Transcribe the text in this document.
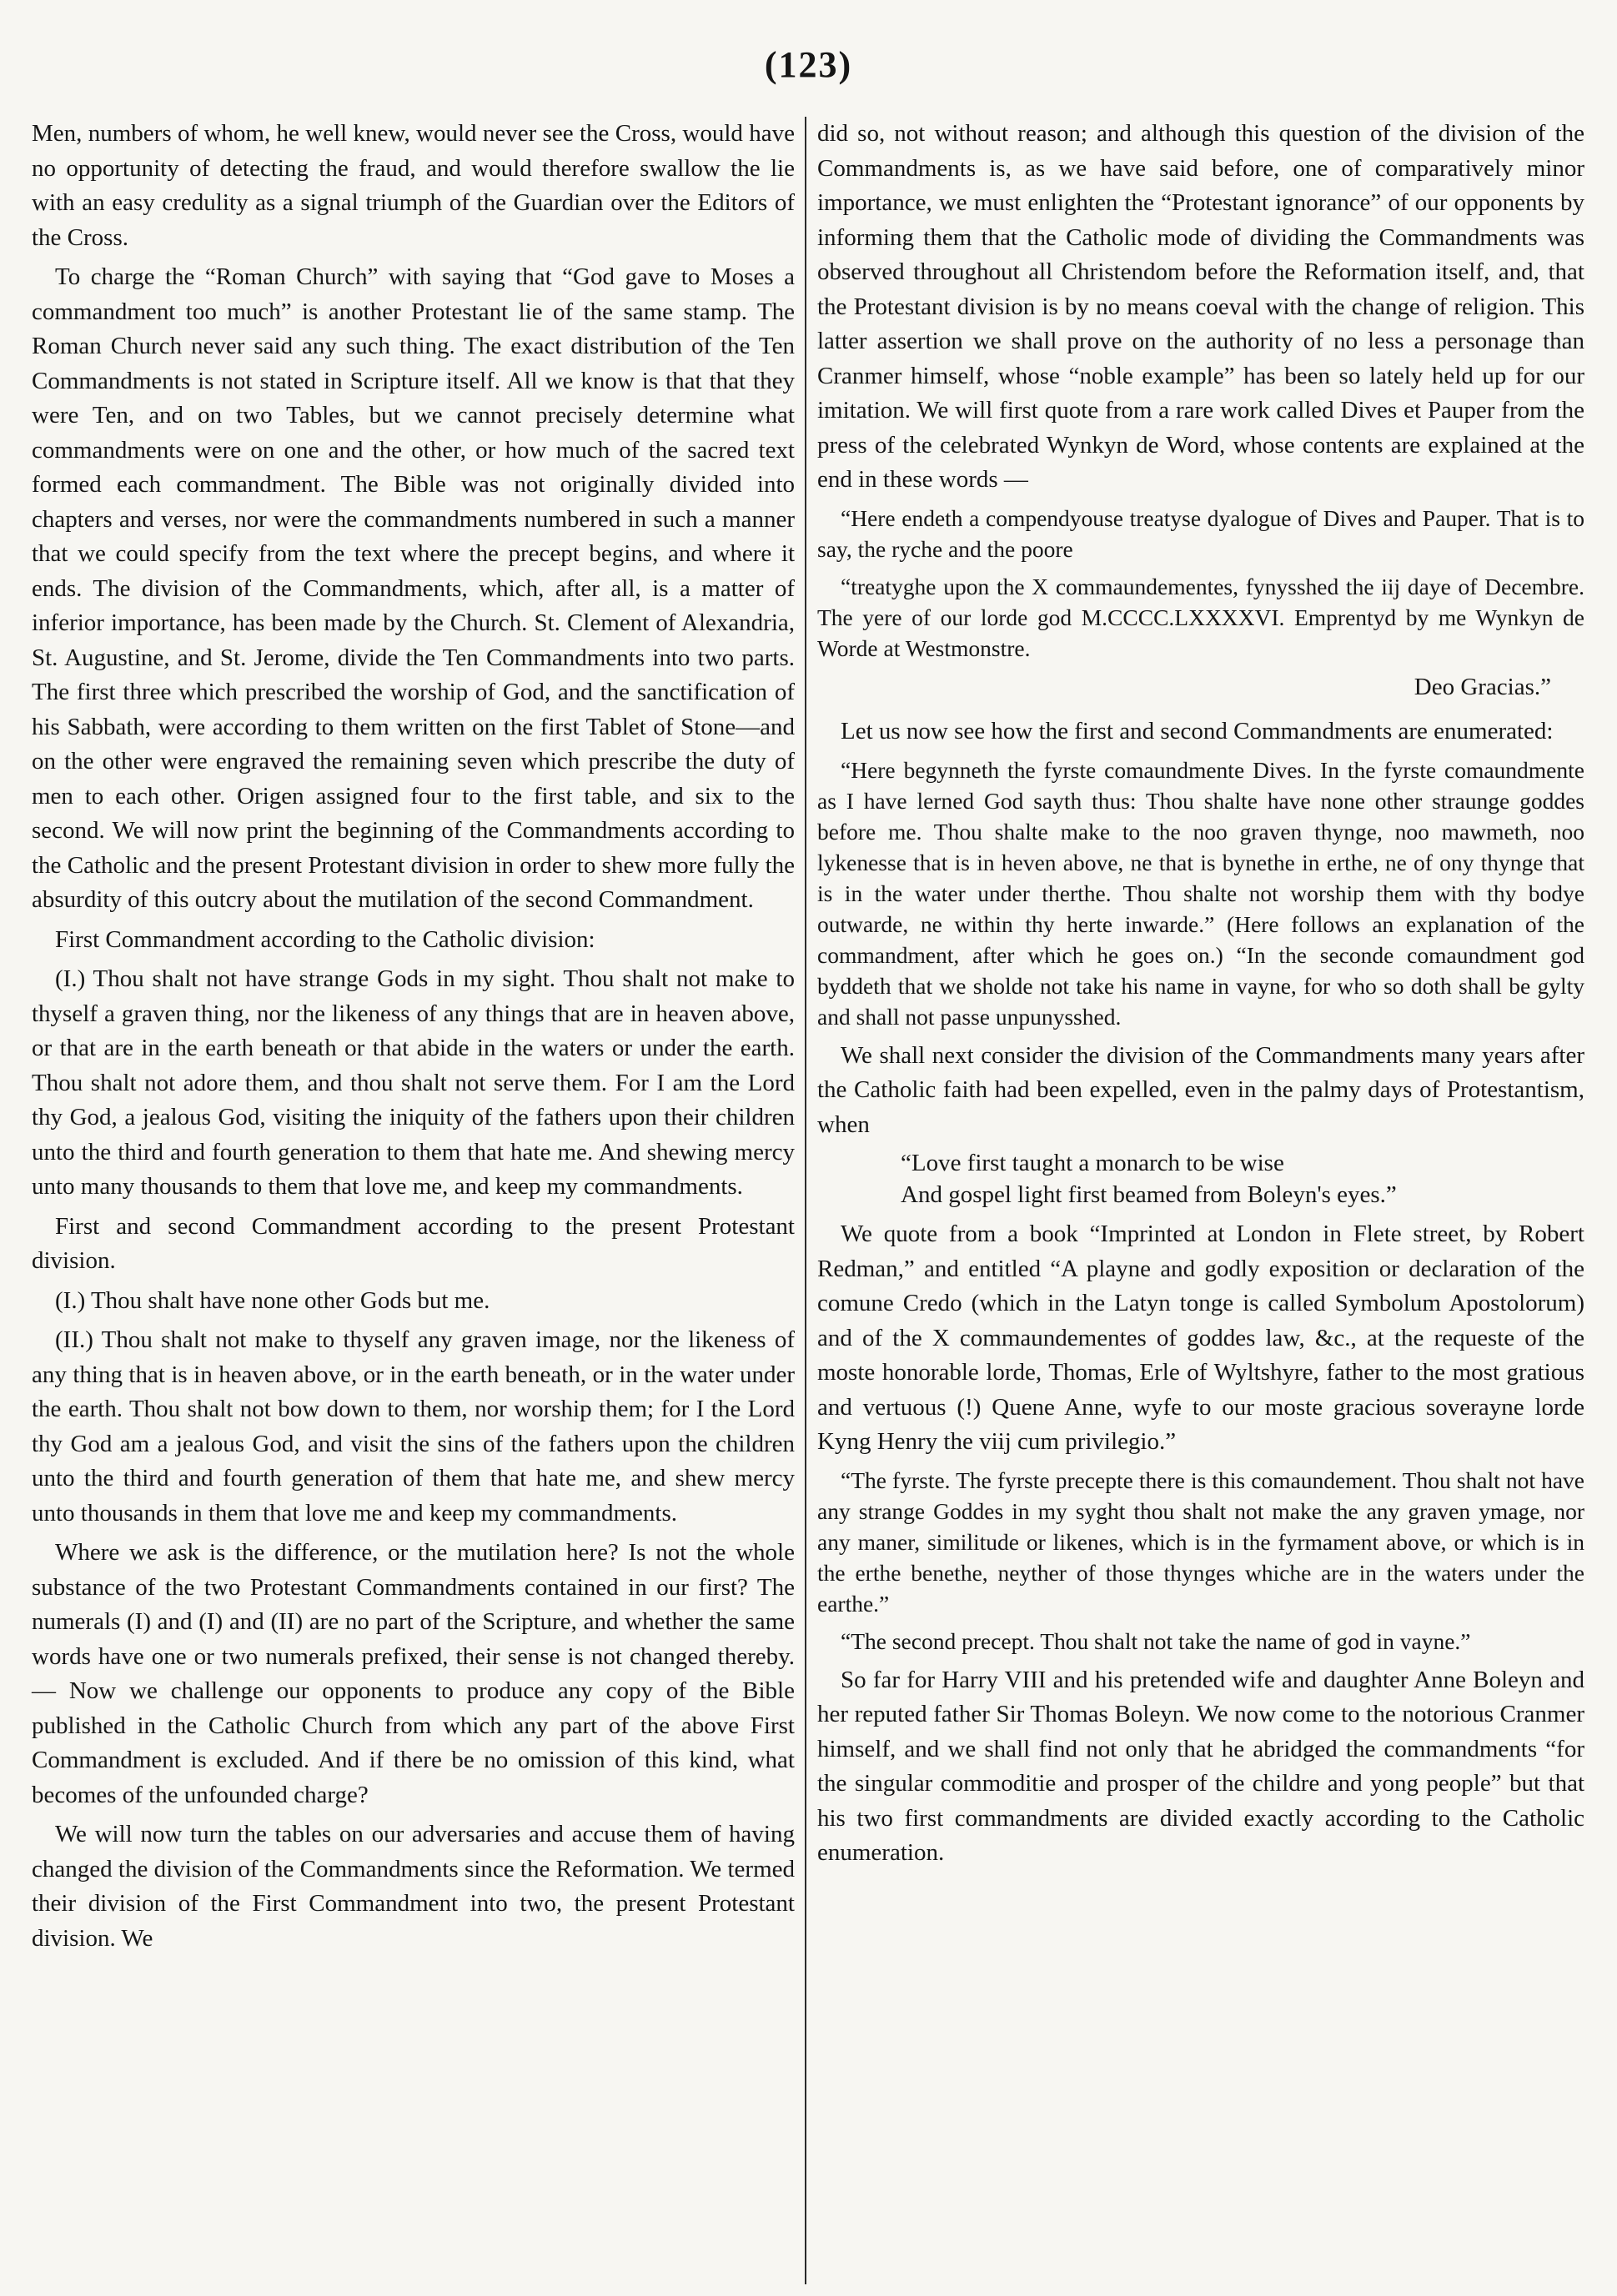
(123)

Men, numbers of whom, he well knew, would never see the Cross, would have no opportunity of detecting the fraud, and would therefore swallow the lie with an easy credulity as a signal triumph of the Guardian over the Editors of the Cross.

To charge the “Roman Church” with saying that “God gave to Moses a commandment too much” is another Protestant lie of the same stamp. The Roman Church never said any such thing. The exact distribution of the Ten Commandments is not stated in Scripture itself. All we know is that that they were Ten, and on two Tables, but we cannot precisely determine what commandments were on one and the other, or how much of the sacred text formed each commandment. The Bible was not originally divided into chapters and verses, nor were the commandments numbered in such a manner that we could specify from the text where the precept begins, and where it ends. The division of the Commandments, which, after all, is a matter of inferior importance, has been made by the Church. St. Clement of Alexandria, St. Augustine, and St. Jerome, divide the Ten Commandments into two parts. The first three which prescribed the worship of God, and the sanctification of his Sabbath, were according to them written on the first Tablet of Stone—and on the other were engraved the remaining seven which prescribe the duty of men to each other. Origen assigned four to the first table, and six to the second. We will now print the beginning of the Commandments according to the Catholic and the present Protestant division in order to shew more fully the absurdity of this outcry about the mutilation of the second Commandment.

First Commandment according to the Catholic division:

(I.) Thou shalt not have strange Gods in my sight. Thou shalt not make to thyself a graven thing, nor the likeness of any things that are in heaven above, or that are in the earth beneath or that abide in the waters or under the earth. Thou shalt not adore them, and thou shalt not serve them. For I am the Lord thy God, a jealous God, visiting the iniquity of the fathers upon their children unto the third and fourth generation to them that hate me. And shewing mercy unto many thousands to them that love me, and keep my commandments.

First and second Commandment according to the present Protestant division.

(I.) Thou shalt have none other Gods but me.

(II.) Thou shalt not make to thyself any graven image, nor the likeness of any thing that is in heaven above, or in the earth beneath, or in the water under the earth. Thou shalt not bow down to them, nor worship them; for I the Lord thy God am a jealous God, and visit the sins of the fathers upon the children unto the third and fourth generation of them that hate me, and shew mercy unto thousands in them that love me and keep my commandments.

Where we ask is the difference, or the mutilation here? Is not the whole substance of the two Protestant Commandments contained in our first? The numerals (I) and (I) and (II) are no part of the Scripture, and whether the same words have one or two numerals prefixed, their sense is not changed thereby.— Now we challenge our opponents to produce any copy of the Bible published in the Catholic Church from which any part of the above First Commandment is excluded. And if there be no omission of this kind, what becomes of the unfounded charge?

We will now turn the tables on our adversaries and accuse them of having changed the division of the Commandments since the Reformation. We termed their division of the First Commandment into two, the present Protestant division. We

did so, not without reason; and although this question of the division of the Commandments is, as we have said before, one of comparatively minor importance, we must enlighten the “Protestant ignorance” of our opponents by informing them that the Catholic mode of dividing the Commandments was observed throughout all Christendom before the Reformation itself, and, that the Protestant division is by no means coeval with the change of religion. This latter assertion we shall prove on the authority of no less a personage than Cranmer himself, whose “noble example” has been so lately held up for our imitation. We will first quote from a rare work called Dives et Pauper from the press of the celebrated Wynkyn de Word, whose contents are explained at the end in these words —

“Here endeth a compendyouse treatyse dyalogue of Dives and Pauper. That is to say, the ryche and the poore

“treatyghe upon the X commaundementes, fynysshed the iij daye of Decembre. The yere of our lorde god M.CCCC.LXXXXVI. Emprentyd by me Wynkyn de Worde at Westmonstre.

Deo Gracias.”

Let us now see how the first and second Commandments are enumerated:

“Here begynneth the fyrste comaundmente Dives. In the fyrste comaundmente as I have lerned God sayth thus: Thou shalte have none other straunge goddes before me. Thou shalte make to the noo graven thynge, noo mawmeth, noo lykenesse that is in heven above, ne that is bynethe in erthe, ne of ony thynge that is in the water under therthe. Thou shalte not worship them with thy bodye outwarde, ne within thy herte inwarde.” (Here follows an explanation of the commandment, after which he goes on.) “In the seconde comaundment god byddeth that we sholde not take his name in vayne, for who so doth shall be gylty and shall not passe unpunysshed.

We shall next consider the division of the Commandments many years after the Catholic faith had been expelled, even in the palmy days of Protestantism, when

“Love first taught a monarch to be wise
And gospel light first beamed from Boleyn's eyes.”

We quote from a book “Imprinted at London in Flete street, by Robert Redman,” and entitled “A playne and godly exposition or declaration of the comune Credo (which in the Latyn tonge is called Symbolum Apostolorum) and of the X commaundementes of goddes law, &c., at the requeste of the moste honorable lorde, Thomas, Erle of Wyltshyre, father to the most gratious and vertuous (!) Quene Anne, wyfe to our moste gracious soverayne lorde Kyng Henry the viij cum privilegio.”

“The fyrste. The fyrste precepte there is this comaundement. Thou shalt not have any strange Goddes in my syght thou shalt not make the any graven ymage, nor any maner, similitude or likenes, which is in the fyrmament above, or which is in the erthe benethe, neyther of those thynges whiche are in the waters under the earthe.”

“The second precept. Thou shalt not take the name of god in vayne.”

So far for Harry VIII and his pretended wife and daughter Anne Boleyn and her reputed father Sir Thomas Boleyn. We now come to the notorious Cranmer himself, and we shall find not only that he abridged the commandments “for the singular commoditie and prosper of the childre and yong people” but that his two first commandments are divided exactly according to the Catholic enumeration.
